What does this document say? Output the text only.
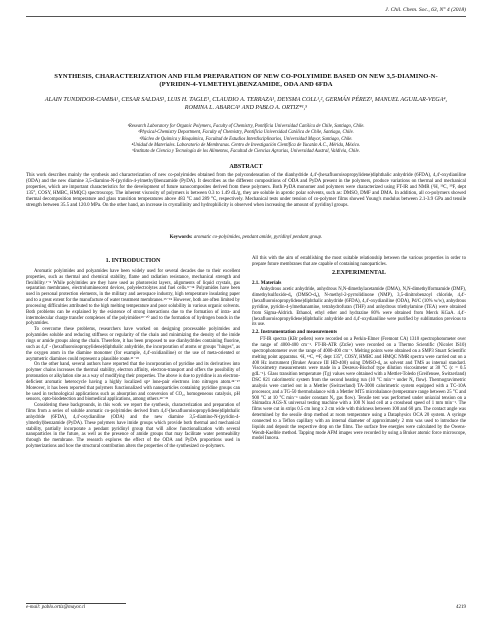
J. Chil. Chem. Soc., 63, N° 4 (2018)
SYNTHESIS, CHARACTERIZATION AND FILM PREPARATION OF NEW CO-POLYIMIDE BASED ON NEW 3,5-DIAMINO-N-(PYRIDIN-4-YLMETHYL)BENZAMIDE, ODA AND 6FDA
ALAIN TUNDIDOR-CAMBA¹, CESAR SALDAS¹, LUIS H. TAGLE¹, CLAUDIO A. TERRAZA¹, DEYSMA COLL¹,², GERMÁN PÉREZ³, MANUEL AGUILAR-VEGA⁴, ROMINA L. ABARCA⁵ AND PABLO A. ORTIZ*¹,⁵
¹Research Laboratory for Organic Polymers, Faculty of Chemistry, Pontificia Universidad Católica de Chile, Santiago, Chile.
²Physical-Chemistry Department, Faculty of Chemistry, Pontificia Universidad Católica de Chile, Santiago, Chile.
³Núcleo de Química y Bioquímica, Facultad de Estudios Interdisciplinarios, Universidad Mayor, Santiago, Chile.
⁴Unidad de Materiales. Laboratorio de Membranas. Centro de Investigación Científica de Yucatán A.C., Mérida, México.
⁵Instituto de Ciencia y Tecnología de los Alimentos, Facultad de Ciencias Agrarias, Universidad Austral, Valdivia, Chile.
ABSTRACT
This work describes mainly the synthesis and characterization of new co-polyimides obtained from the polycondensation of the dianhydride 4,4'-(hexafluoroisopropylidene)diphthalic anhydride (6FDA), 4,4'-oxydianiline (ODA) and the new diamine 3,5-diamino-N-(pyridin-4-ylmethyl)benzamide (PyDA). It describes as the different compositions of ODA and PyDA present in the polymers, produce variations on thermal and mechanical properties, which are important characteristics for the development of future nanocomposites derived from these polymers. Both PyDA monomer and polymers were characterized using FT-IR and NMR (¹H, ¹³C, ¹⁹F, dept 135°, COSY, HMBC, HMQC) spectroscopy. The inherent viscosity of polymers is between 0.3 to 1.49 dL/g, they are soluble in aprotic polar solvents, such as: DMSO, DMF and DMA. In addition, all co-polymers showed thermal decomposition temperature and glass transition temperatures above 483 °C and 289 °C, respectively. Mechanical tests under tension of co-polymer films showed Young's modulus between 2.1-3.9 GPa and tensile strength between 35.5 and 120.0 MPa. On the other hand, an increase in crystallinity and hydrophilicity is observed when increasing the amount of pyridinyl groups.
Keywords: aromatic co-polyimides, pendant amide, pyridinyl pendant group.
1. INTRODUCTION

Aromatic polyimides and polyamides have been widely used for several decades due to their excellent properties, such as thermal and chemical stability, flame and radiation resistance, mechanical strength and flexibility.¹⁻⁸ While polyimides are they have used as photoresist layers, alignments of liquid crystals, gas separation membranes, electroluminescent devices, polyelectrolytes and fuel cells.⁹⁻¹⁴ Polyamides have been used in personal protection elements, in the military and aerospace industry, high temperature insulating paper and to a great extent for the manufacture of water treatment membranes.¹⁵⁻¹⁸ However, both are often limited by processing difficulties attributed to the high melting temperature and poor solubility in various organic solvents. Both problems can be explained by the existence of strong interactions due to the formation of intra- and intermolecular charge transfer complexes of the polyimides¹⁹⁻²⁰ and to the formation of hydrogen bonds in the polyamides.

To overcome these problems, researchers have worked on designing processable polyimides and polyamides soluble and reducing stiffness or regularity of the chain and minimizing the density of the imide rings or amide groups along the chain. Therefore, it has been proposed to use dianhydrides containing fluorine, such as 4,4' - (hexafluoroisopropylidene)diphthalic anhydride, the incorporation of atoms or groups "hinges", as the oxygen atom in the diamine monomer (for example, 4,4'-oxidianiline) or the use of meta-oriented or asymmetric diamines could represent a plausible route.²¹⁻²³

On the other hand, several authors have reported that the incorporation of pyridine and its derivatives into polymer chains increases the thermal stability, electron affinity, electron-transport and offers the possibility of protonation or alkylation site as a way of modifying their properties. The above is due to pyridine is an electron-deficient aromatic heterocycle having a highly localized sp² lone-pair electrons into nitrogen atom.²⁴⁻²⁷ Moreover, it has been reported that polymers functionalized with nanoparticles containing pyridine groups can be used in technological applications such as absorption and conversion of CO₂, homogeneous catalysis, pH sensors, opto-biodetection and biomedical applications, among others.²⁸⁻³²

Considering these backgrounds, in this work we report the synthesis, characterization and preparation of films from a series of soluble aromatic co-polyimides derived from 4,4'-(hexafluoroisopropylidene)diphthalic anhydride (6FDA), 4,4'-oxydianiline (ODA) and the new diamine 3,5-diamino-N-(pyridin-4-ylmethyl)benzamide (PyDA). These polymers have imide groups which provide both thermal and mechanical stability, partially incorporate a pendant pyridinyl group that will allow functionalization with several nanoparticles in the future, as well as the presence of amide groups that may facilitate water permeability through the membrane. The research explores the effect of the ODA and PyDA proportions used in polymerizations and how the structural contribution alters the properties of the synthesized co-polymers.

All this with the aim of establishing the most suitable relationship between the various properties in order to prepare future membranes that are capable of containing nanoparticles.

2.EXPERIMENTAL
2.1. Materials

Anhydrous acetic anhydride, anhydrous N,N-dimethylacetamide (DMA), N,N-dimethylformamide (DMF), dimethylsulfoxide-d₆ (DMSO-d₆), N-methyl-2-pyrrolidinone (NMP), 3,5-dinitrobenzoyl chloride, 4,4'-(hexafluoroisopropylidene)diphthalic anhydride (6FDA), 4,4'-oxydianiline (ODA), Pd/C (10% w/w), anhydrous pyridine, pyridin-4-ylmethanamine, tetrahydrofuran (THF) and anhydrous triethylamine (TEA) were obtained from Sigma-Aldrich. Ethanol, ethyl ether and hydrazine 80% were obtained from Merck KGaA. 4,4'-(hexafluoroisopropylidene)diphthalic anhydride and 4,4'-oxydianiline were purified by sublimation previous to its use.

2.2. Instrumentation and measurements

FT-IR spectra (KBr pellets) were recorded on a Perkin-Elmer (Fremont CA) 1310 spectrophotometer over the range of 4000-400 cm⁻¹. FT-IR-ATR (ZnSe) were recorded on a Thermo Scientific (Nicolet IS10) spectrophotometer over the range of 4000-400 cm⁻¹. Melting points were obtained on a SMP3 Stuart Scientific melting point apparatus. ¹H, ¹³C, ¹⁹F, dept 135°, COSY, HMBC and HMQC NMR spectra were carried out on a 400 Hz instrument (Bruker Avance III HD-400) using DMSO-d₆ as solvent and TMS as internal standard. Viscosimetry measurements were made in a Desreux-Bischof type dilution viscosimeter at 30 °C (c = 0.5 gdL⁻¹). Glass transition temperature (Tg) values were obtained with a Mettler-Toledo (Greifensee, Switzerland) DSC 821 calorimetric system from the second heating run (10 °C min⁻¹ under N₂ flow). Thermogravimetric analysis were carried out in a Mettler (Switzerland) TA-3000 calorimetric system equipped with a TC-10A processor, and a TG-50 thermobalance with a Mettler MT5 microbalance (temperature range between 25 °C and 900 °C at 10 °C min⁻¹ under constant N₂ gas flow). Tensile test was performed under uniaxial tension on a Shimadzu AGS-X universal testing machine with a 100 N load cell at a crosshead speed of 1 mm min⁻¹. The films were cut in strips 0.5 cm long x 2 cm wide with thickness between 100 and 60 µm. The contact angle was determined by the sessile drop method at room temperature using a Dataphysics OCA 20 system. A syringe connected to a Teflon capillary with an internal diameter of approximately 2 mm was used to introduce the liquids and deposit the respective drop on the films. The surface free energies were calculated by the Owens-Wendt-Kaelble method. Tapping mode AFM images were recorded by using a Bruker atomic force microscope, model Innova.

e-mail: pablo.ortiz@mayor.cl	4219
